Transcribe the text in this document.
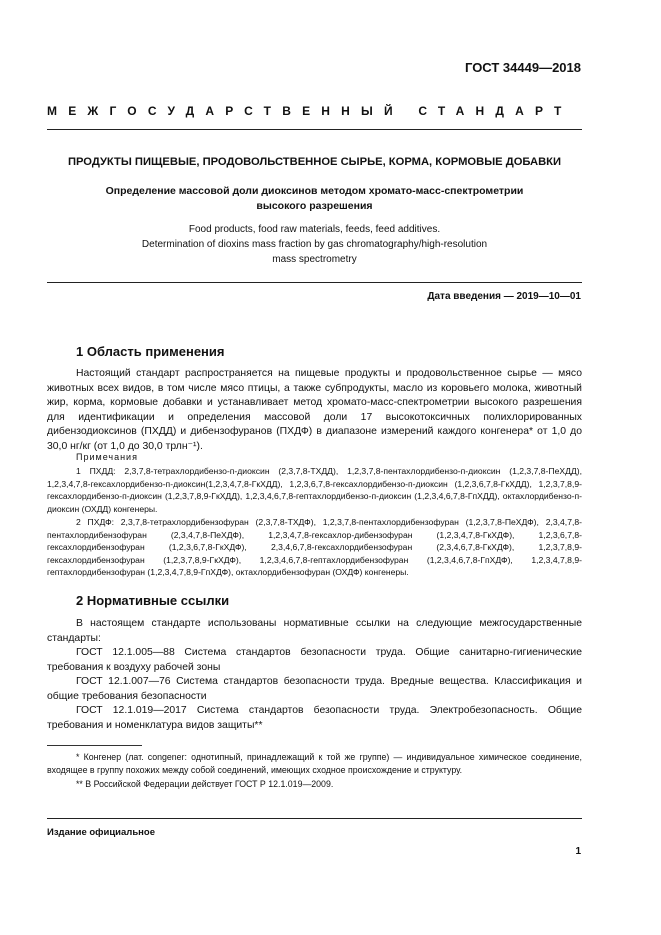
ГОСТ 34449—2018
МЕЖГОСУДАРСТВЕННЫЙ СТАНДАРТ
ПРОДУКТЫ ПИЩЕВЫЕ, ПРОДОВОЛЬСТВЕННОЕ СЫРЬЕ, КОРМА, КОРМОВЫЕ ДОБАВКИ
Определение массовой доли диоксинов методом хромато-масс-спектрометрии
высокого разрешения
Food products, food raw materials, feeds, feed additives.
Determination of dioxins mass fraction by gas chromatography/high-resolution
mass spectrometry
Дата введения — 2019—10—01
1 Область применения
Настоящий стандарт распространяется на пищевые продукты и продовольственное сырье — мясо животных всех видов, в том числе мясо птицы, а также субпродукты, масло из коровьего молока, животный жир, корма, кормовые добавки и устанавливает метод хромато-масс-спектрометрии высокого разрешения для идентификации и определения массовой доли 17 высокотоксичных полихлорированных дибензодиоксинов (ПХДД) и дибензофуранов (ПХДФ) в диапазоне измерений каждого конгенера* от 1,0 до 30,0 нг/кг (от 1,0 до 30,0 трлн⁻¹).
Примечания
1 ПХДД: 2,3,7,8-тетрахлордибензо-п-диоксин (2,3,7,8-ТХДД), 1,2,3,7,8-пентахлордибензо-п-диоксин (1,2,3,7,8-ПеХДД), 1,2,3,4,7,8-гексахлордибензо-п-диоксин(1,2,3,4,7,8-ГкХДД), 1,2,3,6,7,8-гексахлордибензо-п-диоксин (1,2,3,6,7,8-ГкХДД), 1,2,3,7,8,9-гексахлордибензо-п-диоксин (1,2,3,7,8,9-ГкХДД), 1,2,3,4,6,7,8-гептахлордибензо-п-диоксин (1,2,3,4,6,7,8-ГпХДД), октахлордибензо-п-диоксин (ОХДД) конгенеры.
2 ПХДФ: 2,3,7,8-тетрахлордибензофуран (2,3,7,8-ТХДФ), 1,2,3,7,8-пентахлордибензофуран (1,2,3,7,8-ПеХДФ), 2,3,4,7,8-пентахлордибензофуран (2,3,4,7,8-ПеХДФ), 1,2,3,4,7,8-гексахлор-дибензофуран (1,2,3,4,7,8-ГкХДФ), 1,2,3,6,7,8-гексахлордибензофуран (1,2,3,6,7,8-ГкХДФ), 2,3,4,6,7,8-гексахлордибензофуран (2,3,4,6,7,8-ГкХДФ), 1,2,3,7,8,9-гексахлордибензофуран (1,2,3,7,8,9-ГкХДФ), 1,2,3,4,6,7,8-гептахлордибензофуран (1,2,3,4,6,7,8-ГпХДФ), 1,2,3,4,7,8,9-гептахлордибензофуран (1,2,3,4,7,8,9-ГпХДФ), октахлордибензофуран (ОХДФ) конгенеры.
2 Нормативные ссылки
В настоящем стандарте использованы нормативные ссылки на следующие межгосударственные стандарты:
ГОСТ 12.1.005—88 Система стандартов безопасности труда. Общие санитарно-гигиенические требования к воздуху рабочей зоны
ГОСТ 12.1.007—76 Система стандартов безопасности труда. Вредные вещества. Классификация и общие требования безопасности
ГОСТ 12.1.019—2017 Система стандартов безопасности труда. Электробезопасность. Общие требования и номенклатура видов защиты**
* Конгенер (лат. congener: однотипный, принадлежащий к той же группе) — индивидуальное химическое соединение, входящее в группу похожих между собой соединений, имеющих сходное происхождение и структуру.
** В Российской Федерации действует ГОСТ Р 12.1.019—2009.
Издание официальное
1
